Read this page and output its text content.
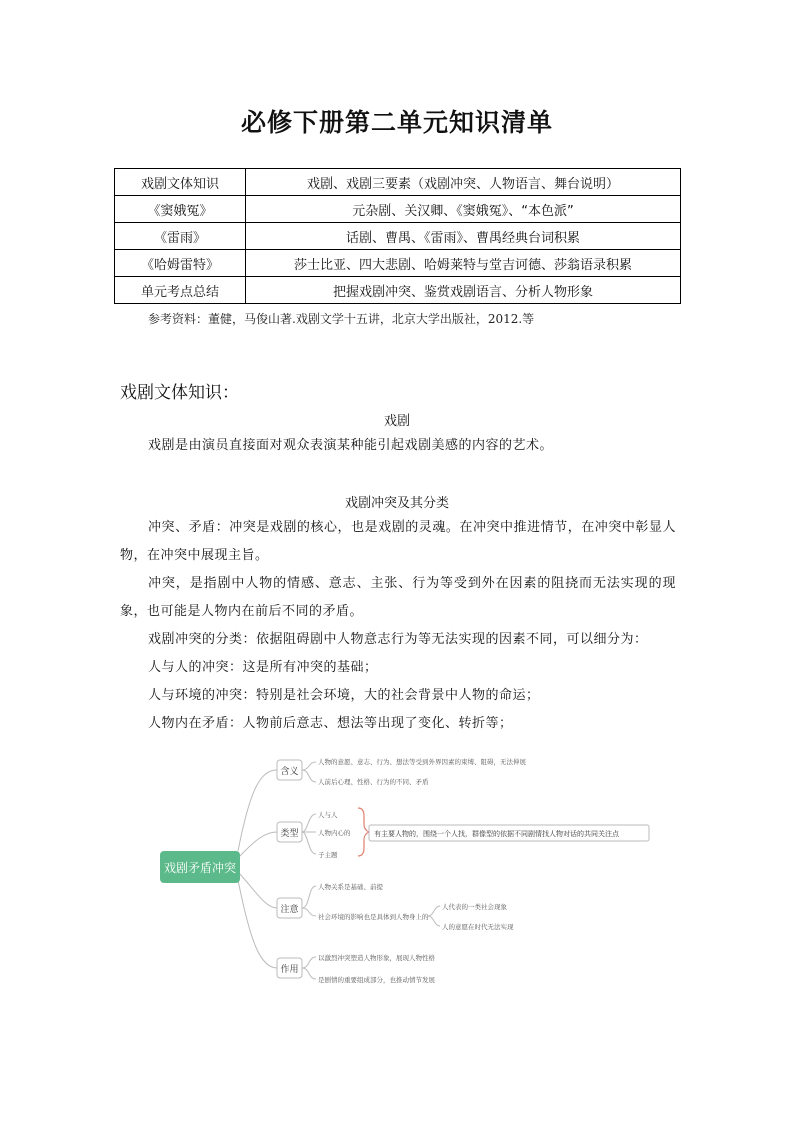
必修下册第二单元知识清单
戏剧文体知识	戏剧、戏剧三要素（戏剧冲突、人物语言、舞台说明）
《窦娥冤》	元杂剧、关汉卿、《窦娥冤》、“本色派”
《雷雨》	话剧、曹禺、《雷雨》、曹禺经典台词积累
《哈姆雷特》	莎士比亚、四大悲剧、哈姆莱特与堂吉诃德、莎翁语录积累
单元考点总结	把握戏剧冲突、鉴赏戏剧语言、分析人物形象
参考资料：董健，马俊山著.戏剧文学十五讲，北京大学出版社，2012.等
戏剧文体知识：
戏剧
戏剧是由演员直接面对观众表演某种能引起戏剧美感的内容的艺术。
戏剧冲突及其分类
冲突、矛盾：冲突是戏剧的核心，也是戏剧的灵魂。在冲突中推进情节，在冲突中彰显人物，在冲突中展现主旨。
冲突，是指剧中人物的情感、意志、主张、行为等受到外在因素的阻挠而无法实现的现象，也可能是人物内在前后不同的矛盾。
戏剧冲突的分类：依据阻碍剧中人物意志行为等无法实现的因素不同，可以细分为：
人与人的冲突：这是所有冲突的基础；
人与环境的冲突：特别是社会环境，大的社会背景中人物的命运；
人物内在矛盾：人物前后意志、想法等出现了变化、转折等；
戏剧矛盾冲突
含义
类型
注意
作用
人物的意愿、意志、行为、想法等受到外界因素的束缚、阻碍，无法伸展
人前后心理、性格、行为的不同、矛盾
人与人
人物内心的
子主题
有主要人物的，围绕一个人找，群像型的依据不同剧情找人物对话的共同关注点
人物关系是基础、前提
社会环境的影响也是具体到人物身上的
人代表的一类社会现象
人的意愿在时代无法实现
以激烈冲突塑造人物形象，展现人物性格
是剧情的重要组成部分，也推动情节发展
